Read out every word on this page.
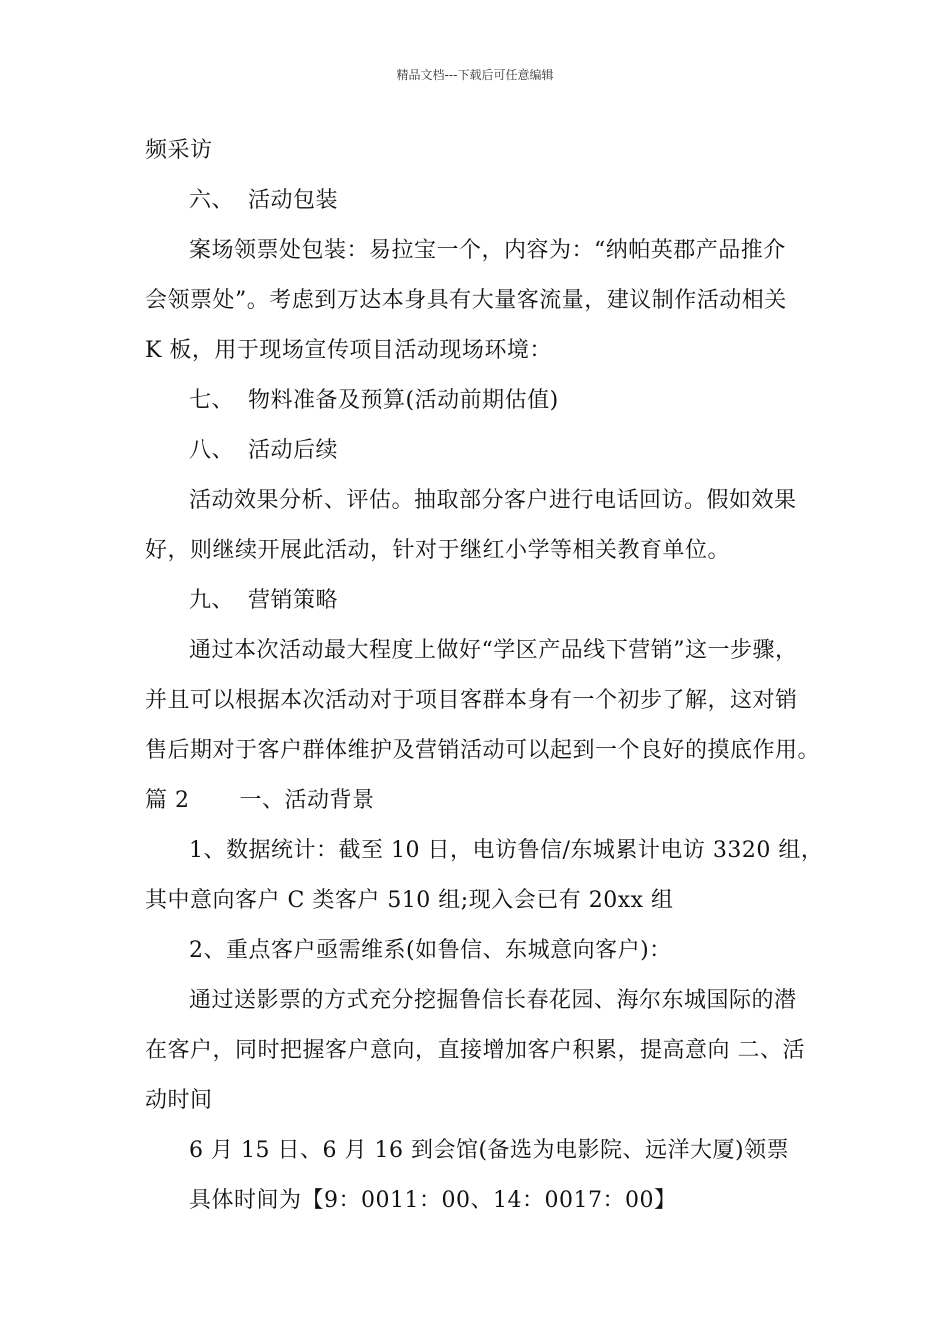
精品文档---下载后可任意编辑
频采访
六、 活动包装
案场领票处包装：易拉宝一个，内容为：“纳帕英郡产品推介
会领票处”。考虑到万达本身具有大量客流量，建议制作活动相关
K 板，用于现场宣传项目活动现场环境：
七、 物料准备及预算(活动前期估值)
八、 活动后续
活动效果分析、评估。抽取部分客户进行电话回访。假如效果
好，则继续开展此活动，针对于继红小学等相关教育单位。
九、 营销策略
通过本次活动最大程度上做好“学区产品线下营销”这一步骤，
并且可以根据本次活动对于项目客群本身有一个初步了解，这对销
售后期对于客户群体维护及营销活动可以起到一个良好的摸底作用。
篇 2 一、活动背景
1、数据统计：截至 10 日，电访鲁信/东城累计电访 3320 组，
其中意向客户 C 类客户 510 组;现入会已有 20xx 组
2、重点客户亟需维系(如鲁信、东城意向客户)：
通过送影票的方式充分挖掘鲁信长春花园、海尔东城国际的潜
在客户，同时把握客户意向，直接增加客户积累，提高意向 二、活
动时间
6 月 15 日、6 月 16 到会馆(备选为电影院、远洋大厦)领票
具体时间为【9：0011：00、14：0017：00】
